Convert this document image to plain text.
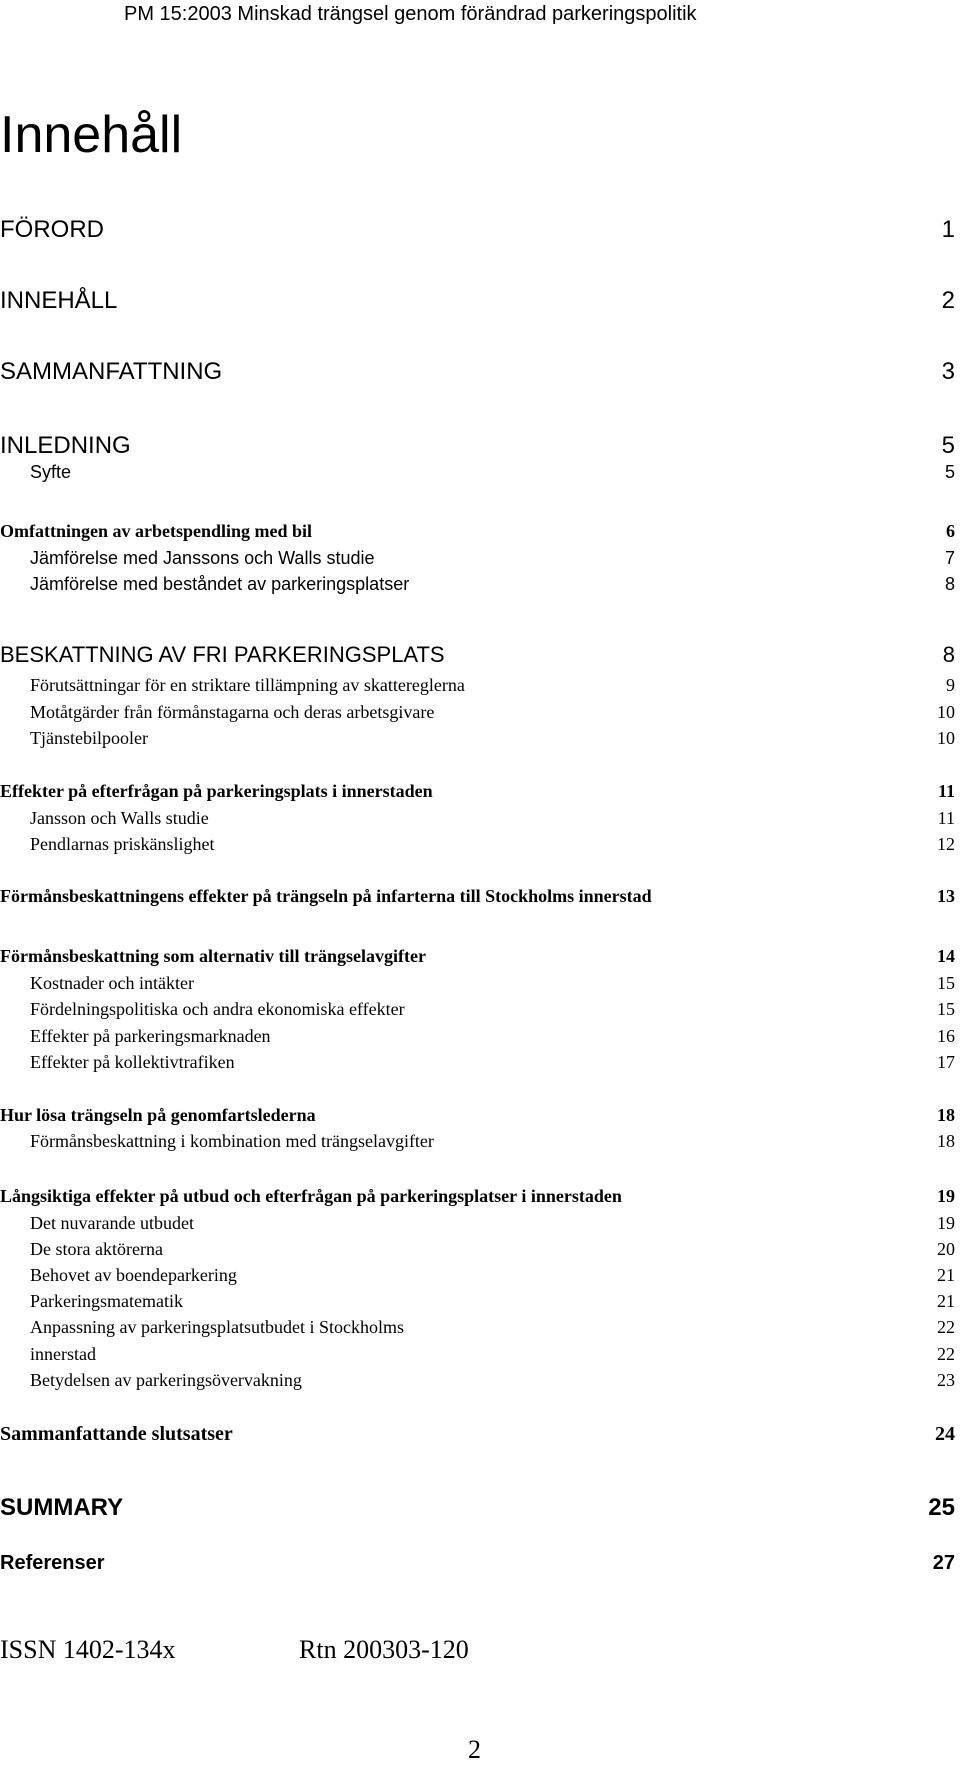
PM 15:2003 Minskad trängsel genom förändrad parkeringspolitik
Innehåll
FÖRORD	1
INNEHÅLL	2
SAMMANFATTNING	3
INLEDNING	5
Syfte	5
Omfattningen av arbetspendling med bil	6
Jämförelse med Janssons och Walls studie	7
Jämförelse med beståndet av parkeringsplatser	8
BESKATTNING AV FRI PARKERINGSPLATS	8
Förutsättningar för en striktare tillämpning av skattereglerna	9
Motåtgärder från förmånstagarna och deras arbetsgivare	10
Tjänstebilpooler	10
Effekter på efterfrågan på parkeringsplats i innerstaden	11
Jansson och Walls studie	11
Pendlarnas priskänslighet	12
Förmånsbeskattningens effekter på trängseln på infarterna till Stockholms innerstad	13
Förmånsbeskattning som alternativ till trängselavgifter	14
Kostnader och intäkter	15
Fördelningspolitiska och andra ekonomiska effekter	15
Effekter på parkeringsmarknaden	16
Effekter på kollektivtrafiken	17
Hur lösa trängseln på genomfartslederna	18
Förmånsbeskattning i kombination med trängselavgifter	18
Långsiktiga effekter på utbud och efterfrågan på parkeringsplatser i innerstaden	19
Det nuvarande utbudet	19
De stora aktörerna	20
Behovet av boendeparkering	21
Parkeringsmatematik	21
Anpassning av parkeringsplatsutbudet i Stockholms	22
innerstad	22
Betydelsen av parkeringsövervakning	23
Sammanfattande slutsatser	24
SUMMARY	25
Referenser	27
ISSN 1402-134x	Rtn 200303-120
2
